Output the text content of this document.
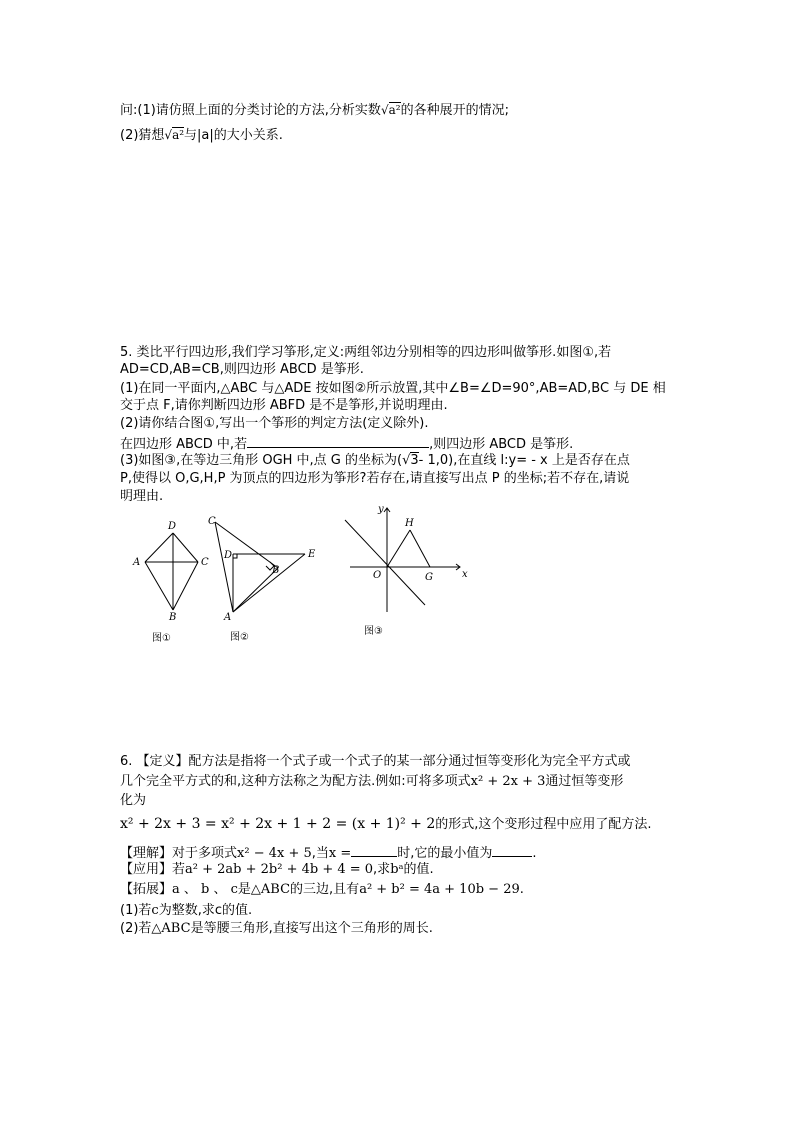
问:(1)请仿照上面的分类讨论的方法,分析实数√a²的各种展开的情况;
(2)猜想√a²与|a|的大小关系.
5. 类比平行四边形,我们学习筝形,定义:两组邻边分别相等的四边形叫做筝形.如图①,若
AD=CD,AB=CB,则四边形 ABCD 是筝形.
(1)在同一平面内,△ABC 与△ADE 按如图②所示放置,其中∠B=∠D=90°,AB=AD,BC 与 DE 相
交于点 F,请你判断四边形 ABFD 是不是筝形,并说明理由.
(2)请你结合图①,写出一个筝形的判定方法(定义除外).
在四边形 ABCD 中,若	,则四边形 ABCD 是筝形.
(3)如图③,在等边三角形 OGH 中,点 G 的坐标为(√3- 1,0),在直线 l:y= - x 上是否存在点
P,使得以 O,G,H,P 为顶点的四边形为筝形?若存在,请直接写出点 P 的坐标;若不存在,请说
明理由.
D
A	C
B
图①
C
D	E
B
A
图②
y
x
O	G
H
图③
6. 【定义】配方法是指将一个式子或一个式子的某一部分通过恒等变形化为完全平方式或
几个完全平方式的和,这种方法称之为配方法.例如:可将多项式x² + 2x + 3通过恒等变形
化为
x² + 2x + 3 = x² + 2x + 1 + 2 = (x + 1)² + 2的形式,这个变形过程中应用了配方法.
【理解】对于多项式x² − 4x + 5,当x =	时,它的最小值为	.
【应用】若a² + 2ab + 2b² + 4b + 4 = 0,求bᵃ的值.
【拓展】a 、 b 、 c是△ABC的三边,且有a² + b² = 4a + 10b − 29.
(1)若c为整数,求c的值.
(2)若△ABC是等腰三角形,直接写出这个三角形的周长.
